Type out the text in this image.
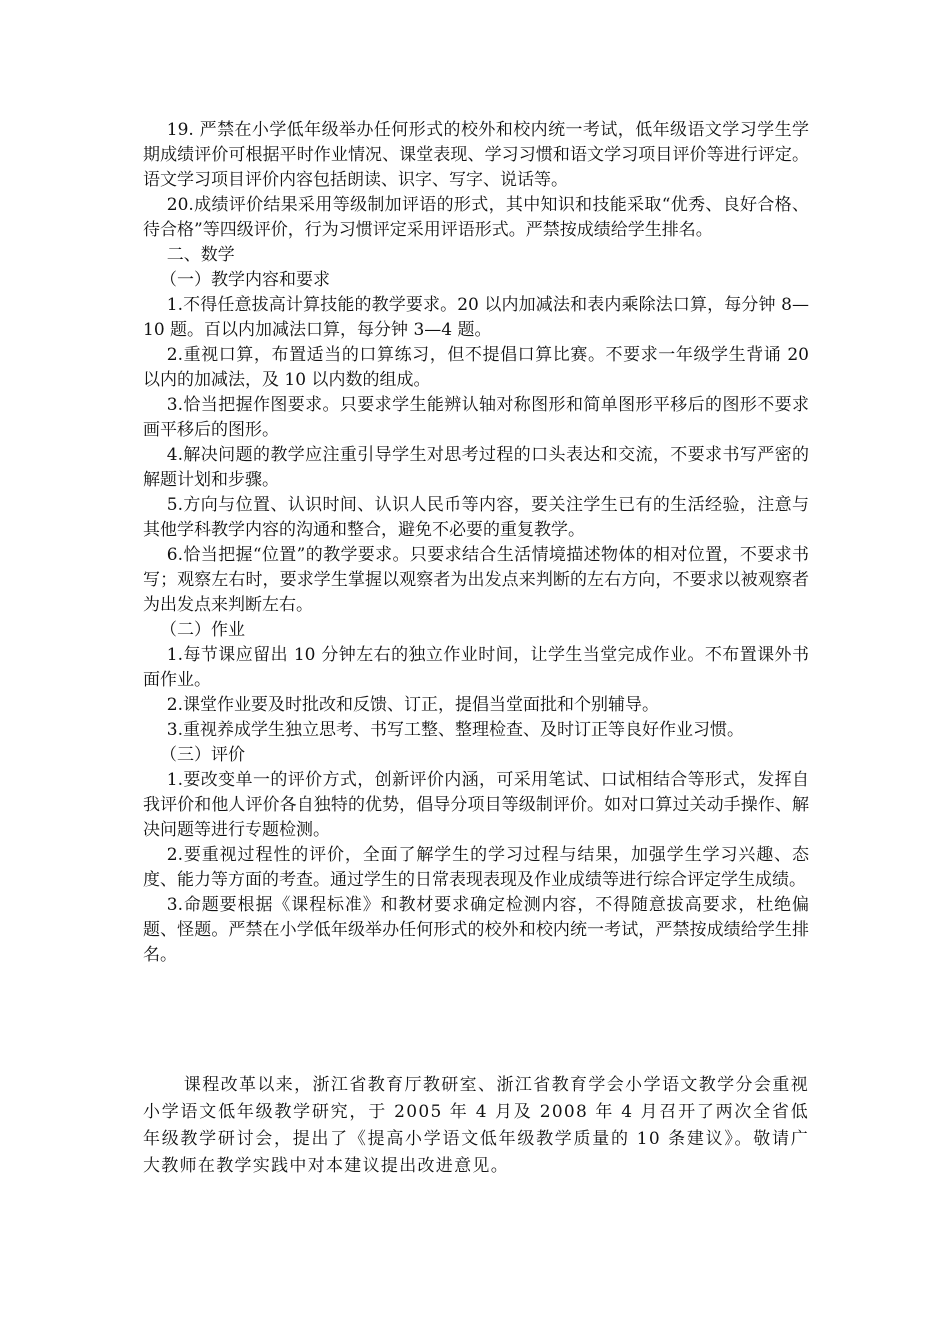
19. 严禁在小学低年级举办任何形式的校外和校内统一考试，低年级语文学习学生学期成绩评价可根据平时作业情况、课堂表现、学习习惯和语文学习项目评价等进行评定。语文学习项目评价内容包括朗读、识字、写字、说话等。

20.成绩评价结果采用等级制加评语的形式，其中知识和技能采取“优秀、良好合格、待合格”等四级评价，行为习惯评定采用评语形式。严禁按成绩给学生排名。

二、数学

（一）教学内容和要求

1.不得任意拔高计算技能的教学要求。20 以内加减法和表内乘除法口算，每分钟 8—10 题。百以内加减法口算，每分钟 3—4 题。

2.重视口算，布置适当的口算练习，但不提倡口算比赛。不要求一年级学生背诵 20 以内的加减法，及 10 以内数的组成。

3.恰当把握作图要求。只要求学生能辨认轴对称图形和简单图形平移后的图形不要求画平移后的图形。

4.解决问题的教学应注重引导学生对思考过程的口头表达和交流，不要求书写严密的解题计划和步骤。

5.方向与位置、认识时间、认识人民币等内容，要关注学生已有的生活经验，注意与其他学科教学内容的沟通和整合，避免不必要的重复教学。

6.恰当把握“位置”的教学要求。只要求结合生活情境描述物体的相对位置，不要求书写；观察左右时，要求学生掌握以观察者为出发点来判断的左右方向，不要求以被观察者为出发点来判断左右。

（二）作业

1.每节课应留出 10 分钟左右的独立作业时间，让学生当堂完成作业。不布置课外书面作业。

2.课堂作业要及时批改和反馈、订正，提倡当堂面批和个别辅导。

3.重视养成学生独立思考、书写工整、整理检查、及时订正等良好作业习惯。

（三）评价

1.要改变单一的评价方式，创新评价内涵，可采用笔试、口试相结合等形式，发挥自我评价和他人评价各自独特的优势，倡导分项目等级制评价。如对口算过关动手操作、解决问题等进行专题检测。

2.要重视过程性的评价，全面了解学生的学习过程与结果，加强学生学习兴趣、态度、能力等方面的考查。通过学生的日常表现表现及作业成绩等进行综合评定学生成绩。

3.命题要根据《课程标准》和教材要求确定检测内容，不得随意拔高要求，杜绝偏题、怪题。严禁在小学低年级举办任何形式的校外和校内统一考试，严禁按成绩给学生排名。

课程改革以来，浙江省教育厅教研室、浙江省教育学会小学语文教学分会重视小学语文低年级教学研究，于 2005 年 4 月及 2008 年 4 月召开了两次全省低年级教学研讨会，提出了《提高小学语文低年级教学质量的 10 条建议》。敬请广大教师在教学实践中对本建议提出改进意见。
